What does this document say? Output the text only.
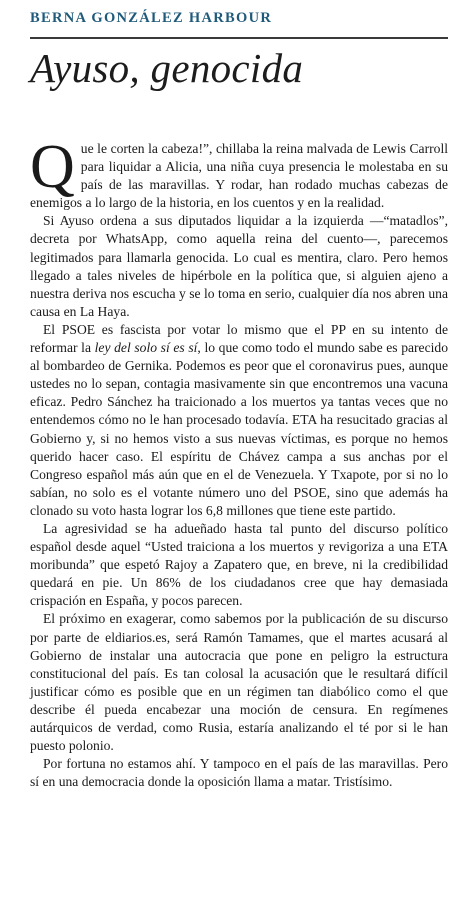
BERNA GONZÁLEZ HARBOUR
Ayuso, genocida

Que le corten la cabeza!”, chillaba la reina malvada de Lewis Carroll para liquidar a Alicia, una niña cuya presencia le molestaba en su país de las maravillas. Y rodar, han rodado muchas cabezas de enemigos a lo largo de la historia, en los cuentos y en la realidad.

Si Ayuso ordena a sus diputados liquidar a la izquierda —“matadlos”, decreta por WhatsApp, como aquella reina del cuento—, parecemos legitimados para llamarla genocida. Lo cual es mentira, claro. Pero hemos llegado a tales niveles de hipérbole en la política que, si alguien ajeno a nuestra deriva nos escucha y se lo toma en serio, cualquier día nos abren una causa en La Haya.

El PSOE es fascista por votar lo mismo que el PP en su intento de reformar la ley del solo sí es sí, lo que como todo el mundo sabe es parecido al bombardeo de Gernika. Podemos es peor que el coronavirus pues, aunque ustedes no lo sepan, contagia masivamente sin que encontremos una vacuna eficaz. Pedro Sánchez ha traicionado a los muertos ya tantas veces que no entendemos cómo no le han procesado todavía. ETA ha resucitado gracias al Gobierno y, si no hemos visto a sus nuevas víctimas, es porque no hemos querido hacer caso. El espíritu de Chávez campa a sus anchas por el Congreso español más aún que en el de Venezuela. Y Txapote, por si no lo sabían, no solo es el votante número uno del PSOE, sino que además ha clonado su voto hasta lograr los 6,8 millones que tiene este partido.

La agresividad se ha adueñado hasta tal punto del discurso político español desde aquel “Usted traiciona a los muertos y revigoriza a una ETA moribunda” que espetó Rajoy a Zapatero que, en breve, ni la credibilidad quedará en pie. Un 86% de los ciudadanos cree que hay demasiada crispación en España, y pocos parecen.

El próximo en exagerar, como sabemos por la publicación de su discurso por parte de eldiarios.es, será Ramón Tamames, que el martes acusará al Gobierno de instalar una autocracia que pone en peligro la estructura constitucional del país. Es tan colosal la acusación que le resultará difícil justificar cómo es posible que en un régimen tan diabólico como el que describe él pueda encabezar una moción de censura. En regímenes autárquicos de verdad, como Rusia, estaría analizando el té por si le han puesto polonio.

Por fortuna no estamos ahí. Y tampoco en el país de las maravillas. Pero sí en una democracia donde la oposición llama a matar. Tristísimo.
